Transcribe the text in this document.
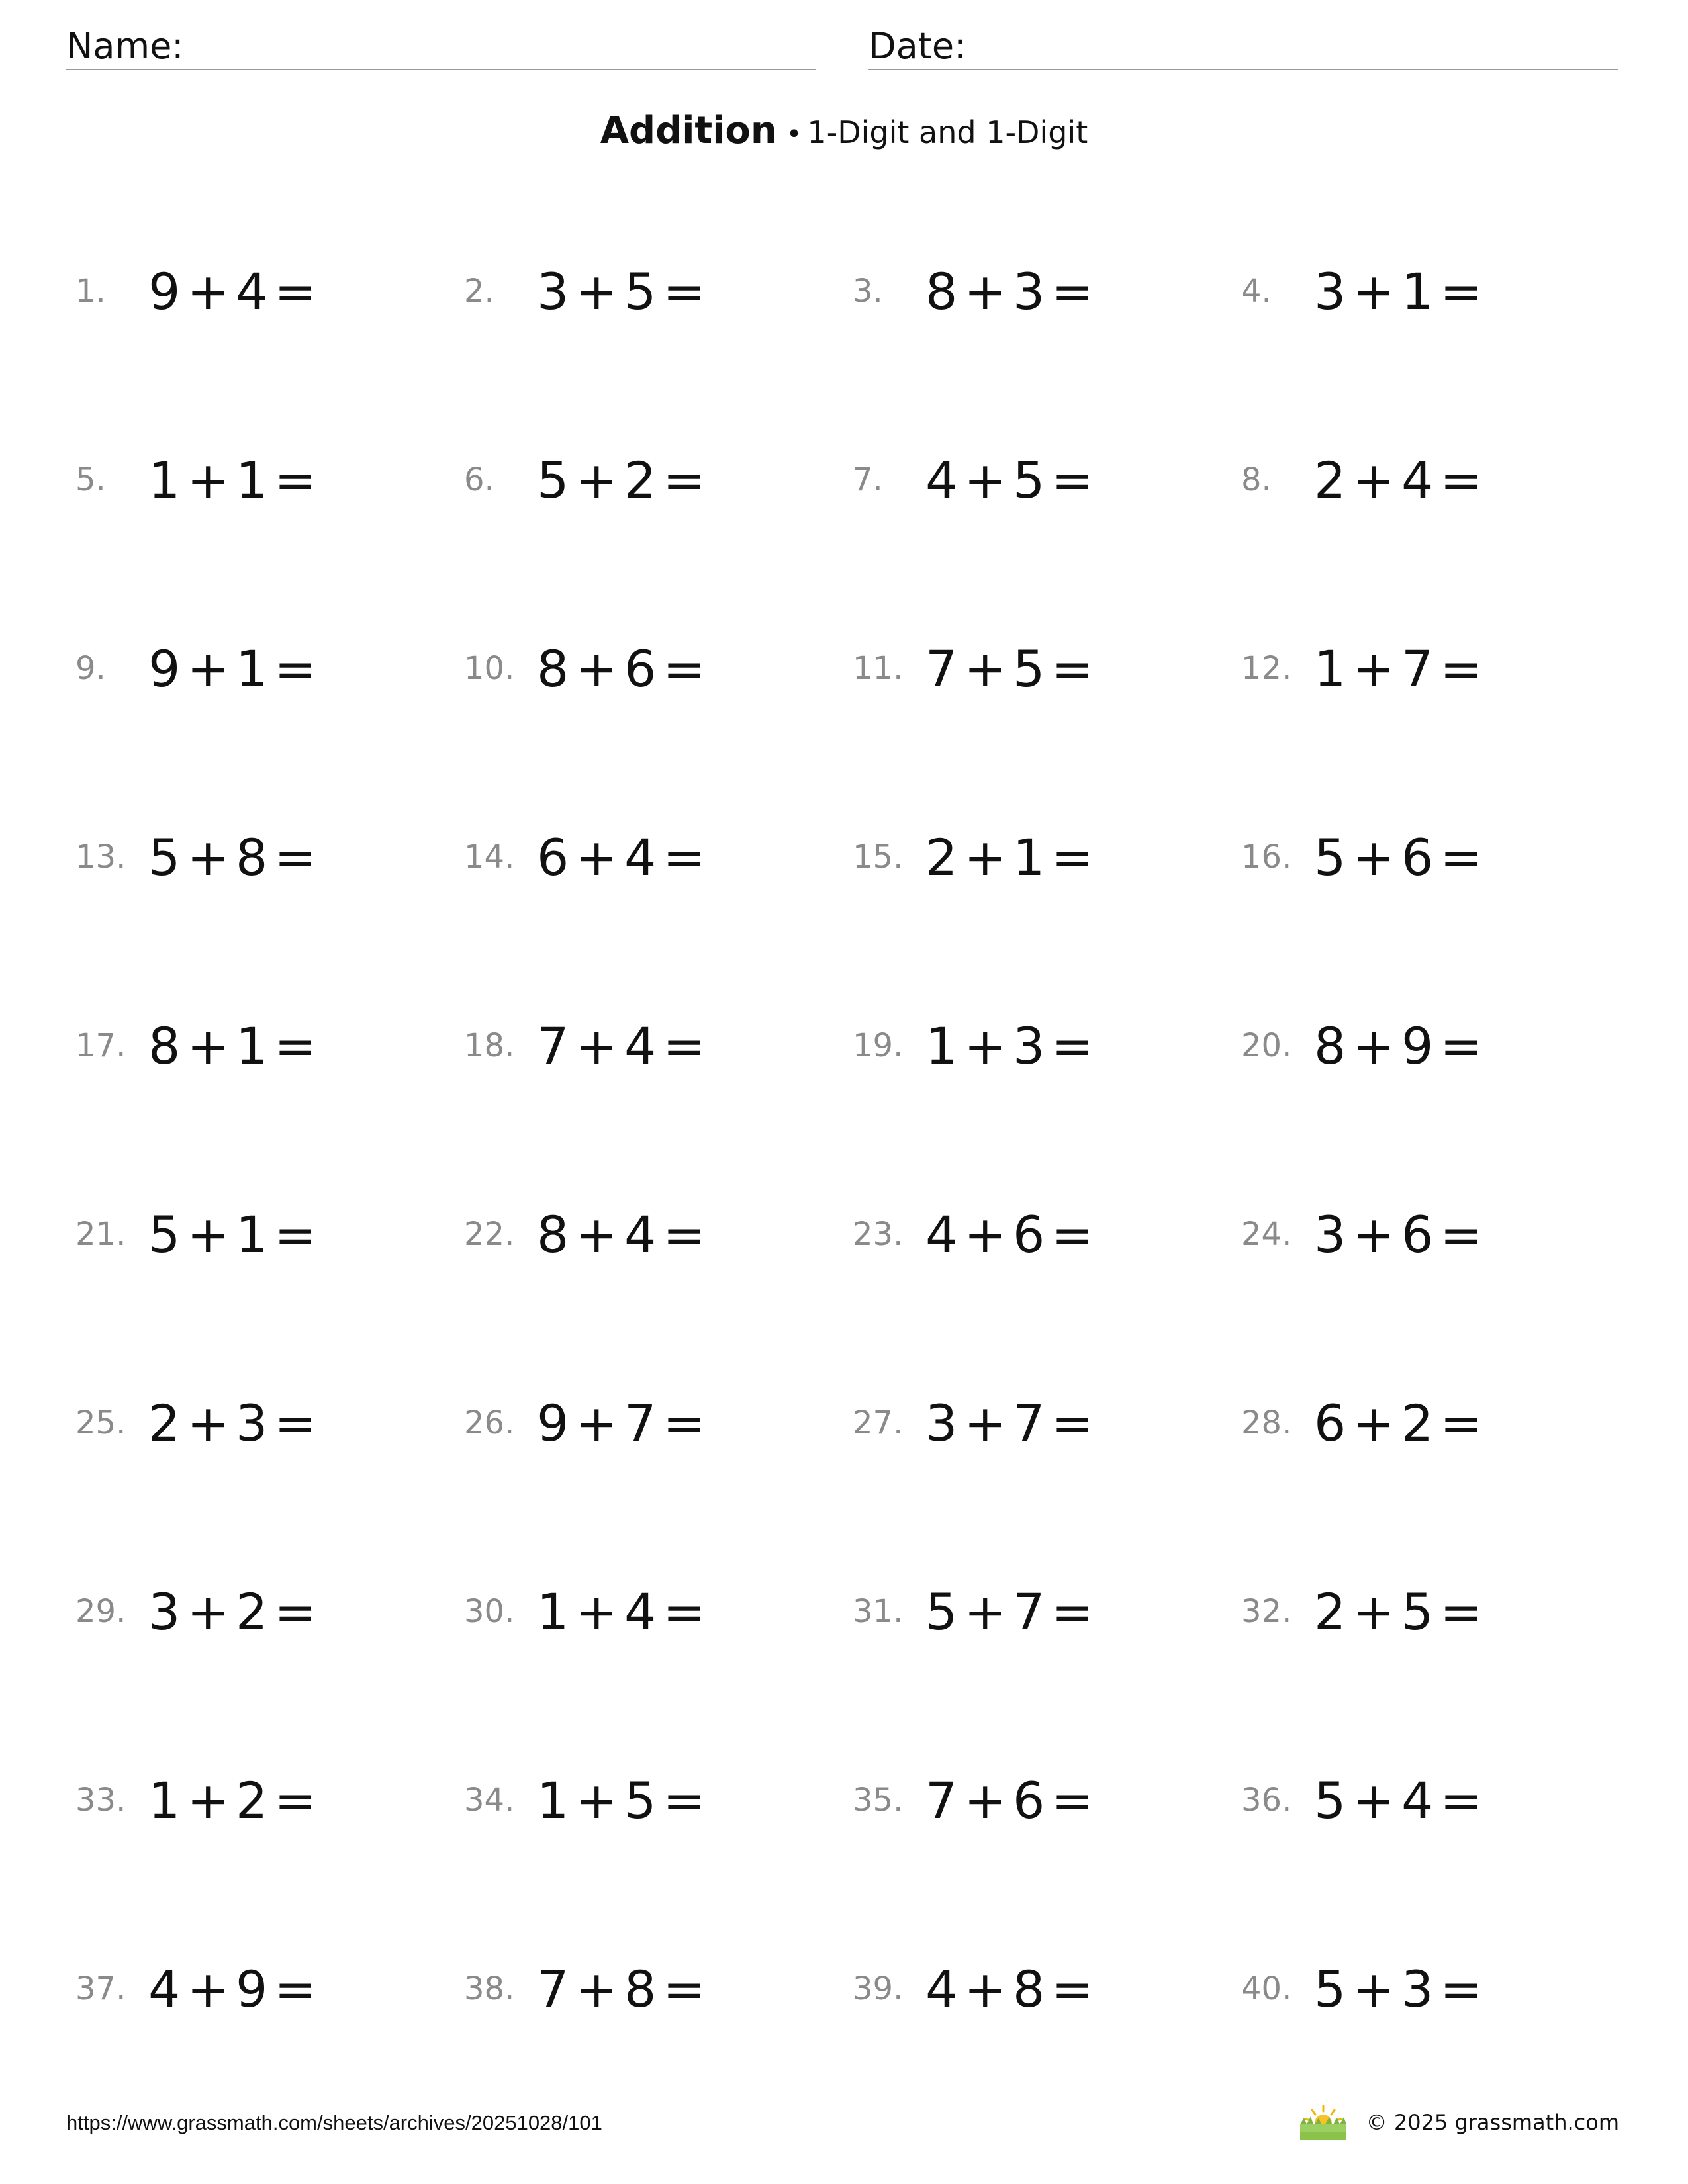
Name:	Date:
Addition • 1-Digit and 1-Digit
1. 9 + 4 =	2. 3 + 5 =	3. 8 + 3 =	4. 3 + 1 =
5. 1 + 1 =	6. 5 + 2 =	7. 4 + 5 =	8. 2 + 4 =
9. 9 + 1 =	10. 8 + 6 =	11. 7 + 5 =	12. 1 + 7 =
13. 5 + 8 =	14. 6 + 4 =	15. 2 + 1 =	16. 5 + 6 =
17. 8 + 1 =	18. 7 + 4 =	19. 1 + 3 =	20. 8 + 9 =
21. 5 + 1 =	22. 8 + 4 =	23. 4 + 6 =	24. 3 + 6 =
25. 2 + 3 =	26. 9 + 7 =	27. 3 + 7 =	28. 6 + 2 =
29. 3 + 2 =	30. 1 + 4 =	31. 5 + 7 =	32. 2 + 5 =
33. 1 + 2 =	34. 1 + 5 =	35. 7 + 6 =	36. 5 + 4 =
37. 4 + 9 =	38. 7 + 8 =	39. 4 + 8 =	40. 5 + 3 =
https://www.grassmath.com/sheets/archives/20251028/101	© 2025 grassmath.com
